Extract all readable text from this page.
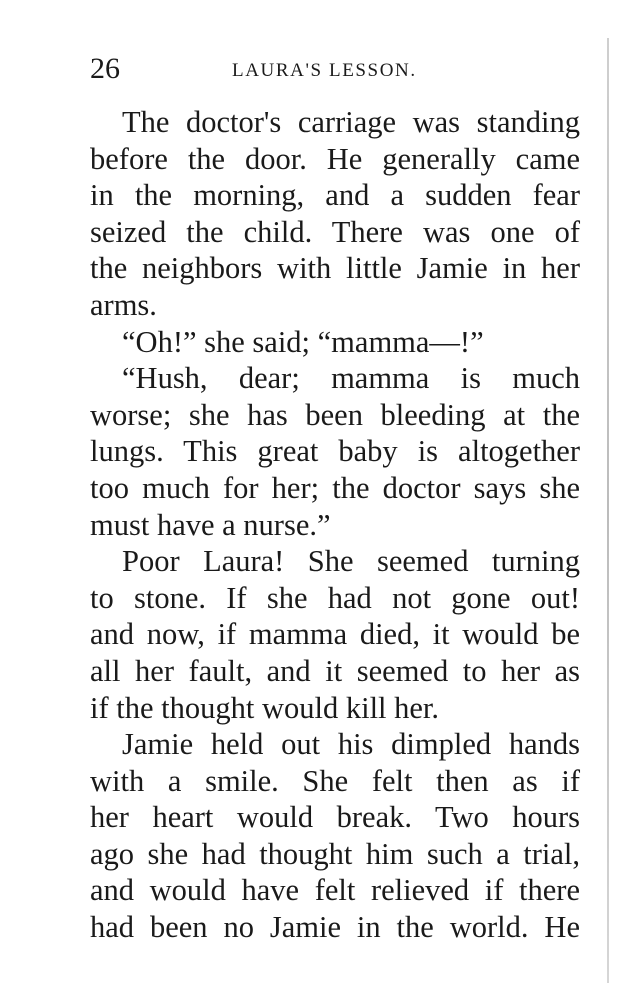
26	LAURA'S LESSON.
The doctor's carriage was standing
before the door. He generally came
in the morning, and a sudden fear
seized the child. There was one of
the neighbors with little Jamie in her
arms.
“Oh!” she said; “mamma—!”
“Hush, dear; mamma is much
worse; she has been bleeding at the
lungs. This great baby is altogether
too much for her; the doctor says she
must have a nurse.”
Poor Laura! She seemed turning
to stone. If she had not gone out!
and now, if mamma died, it would be
all her fault, and it seemed to her as
if the thought would kill her.
Jamie held out his dimpled hands
with a smile. She felt then as if
her heart would break. Two hours
ago she had thought him such a trial,
and would have felt relieved if there
had been no Jamie in the world. He
